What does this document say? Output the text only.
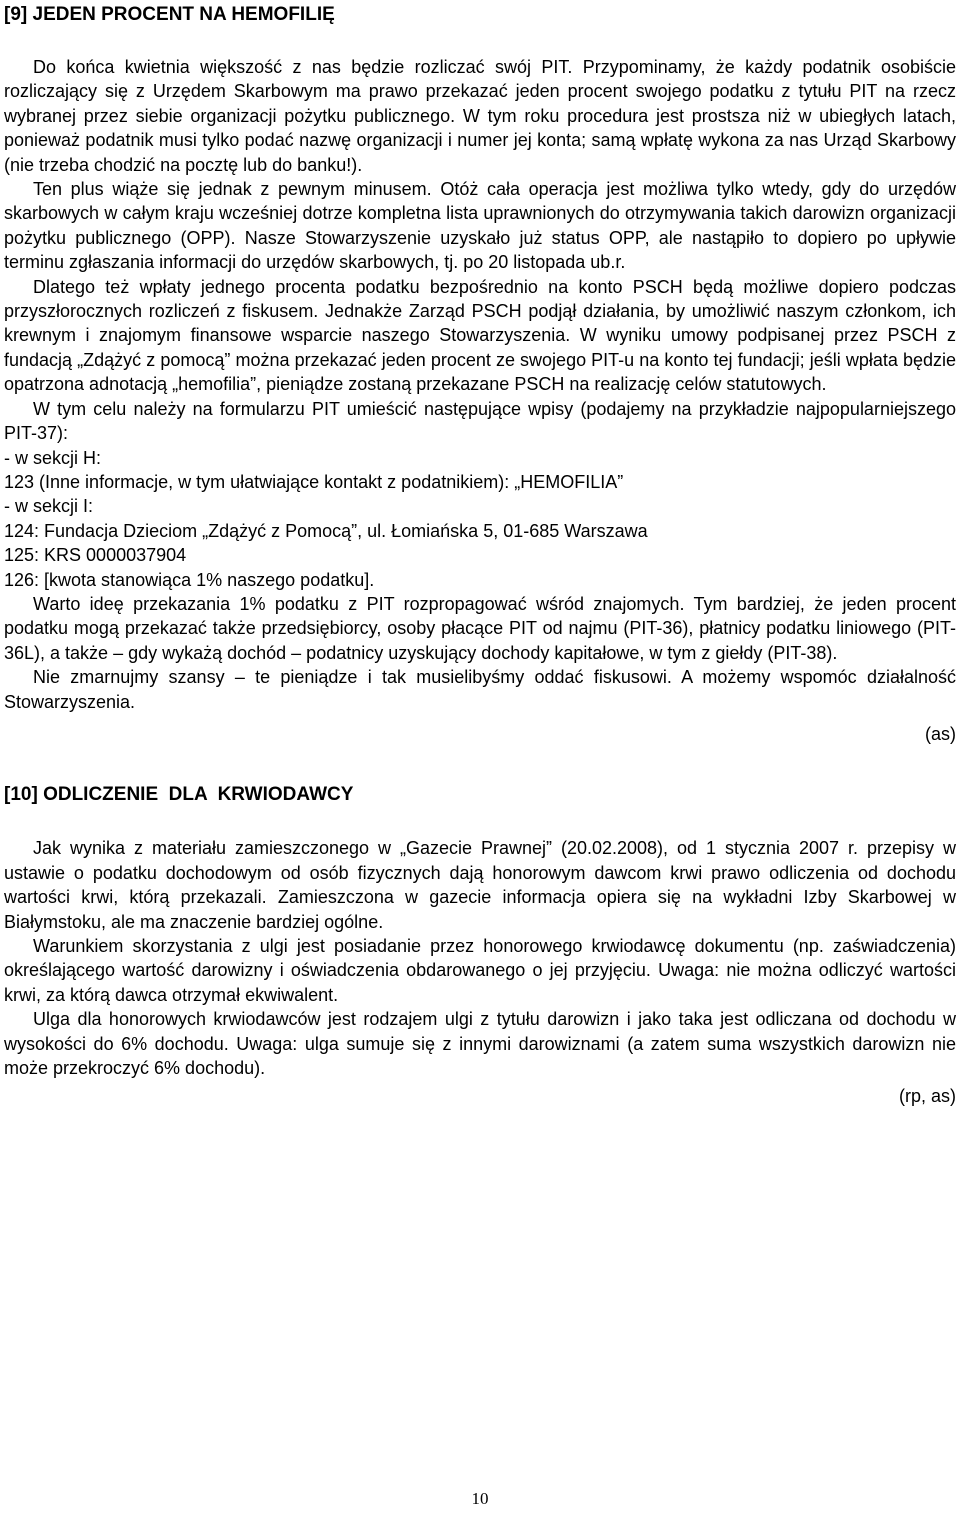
[9] JEDEN PROCENT NA HEMOFILIĘ

Do końca kwietnia większość z nas będzie rozliczać swój PIT. Przypominamy, że każdy podatnik osobiście rozliczający się z Urzędem Skarbowym ma prawo przekazać jeden procent swojego podatku z tytułu PIT na rzecz wybranej przez siebie organizacji pożytku publicznego. W tym roku procedura jest prostsza niż w ubiegłych latach, ponieważ podatnik musi tylko podać nazwę organizacji i numer jej konta; samą wpłatę wykona za nas Urząd Skarbowy (nie trzeba chodzić na pocztę lub do banku!).

Ten plus wiąże się jednak z pewnym minusem. Otóż cała operacja jest możliwa tylko wtedy, gdy do urzędów skarbowych w całym kraju wcześniej dotrze kompletna lista uprawnionych do otrzymywania takich darowizn organizacji pożytku publicznego (OPP). Nasze Stowarzyszenie uzyskało już status OPP, ale nastąpiło to dopiero po upływie terminu zgłaszania informacji do urzędów skarbowych, tj. po 20 listopada ub.r.

Dlatego też wpłaty jednego procenta podatku bezpośrednio na konto PSCH będą możliwe dopiero podczas przyszłorocznych rozliczeń z fiskusem. Jednakże Zarząd PSCH podjął działania, by umożliwić naszym członkom, ich krewnym i znajomym finansowe wsparcie naszego Stowarzyszenia. W wyniku umowy podpisanej przez PSCH z fundacją „Zdążyć z pomocą” można przekazać jeden procent ze swojego PIT-u na konto tej fundacji; jeśli wpłata będzie opatrzona adnotacją „hemofilia”, pieniądze zostaną przekazane PSCH na realizację celów statutowych.

W tym celu należy na formularzu PIT umieścić następujące wpisy (podajemy na przykładzie najpopularniejszego PIT-37):

- w sekcji H:

123 (Inne informacje, w tym ułatwiające kontakt z podatnikiem): „HEMOFILIA”

- w sekcji I:

124: Fundacja Dzieciom „Zdążyć z Pomocą”, ul. Łomiańska 5, 01-685 Warszawa

125: KRS 0000037904

126: [kwota stanowiąca 1% naszego podatku].

Warto ideę przekazania 1% podatku z PIT rozpropagować wśród znajomych. Tym bardziej, że jeden procent podatku mogą przekazać także przedsiębiorcy, osoby płacące PIT od najmu (PIT-36), płatnicy podatku liniowego (PIT-36L), a także – gdy wykażą dochód – podatnicy uzyskujący dochody kapitałowe, w tym z giełdy (PIT-38).

Nie zmarnujmy szansy – te pieniądze i tak musielibyśmy oddać fiskusowi. A możemy wspomóc działalność Stowarzyszenia.

(as)

[10] ODLICZENIE  DLA  KRWIODAWCY

Jak wynika z materiału zamieszczonego w „Gazecie Prawnej” (20.02.2008), od 1 stycznia 2007 r. przepisy w ustawie o podatku dochodowym od osób fizycznych dają honorowym dawcom krwi prawo odliczenia od dochodu wartości krwi, którą przekazali. Zamieszczona w gazecie informacja opiera się na wykładni Izby Skarbowej w Białymstoku, ale ma znaczenie bardziej ogólne.

Warunkiem skorzystania z ulgi jest posiadanie przez honorowego krwiodawcę dokumentu (np. zaświadczenia) określającego wartość darowizny i oświadczenia obdarowanego o jej przyjęciu. Uwaga: nie można odliczyć wartości krwi, za którą dawca otrzymał ekwiwalent.

Ulga dla honorowych krwiodawców jest rodzajem ulgi z tytułu darowizn i jako taka jest odliczana od dochodu w wysokości do 6% dochodu. Uwaga: ulga sumuje się z innymi darowiznami (a zatem suma wszystkich darowizn nie może przekroczyć 6% dochodu).

(rp, as)

10
